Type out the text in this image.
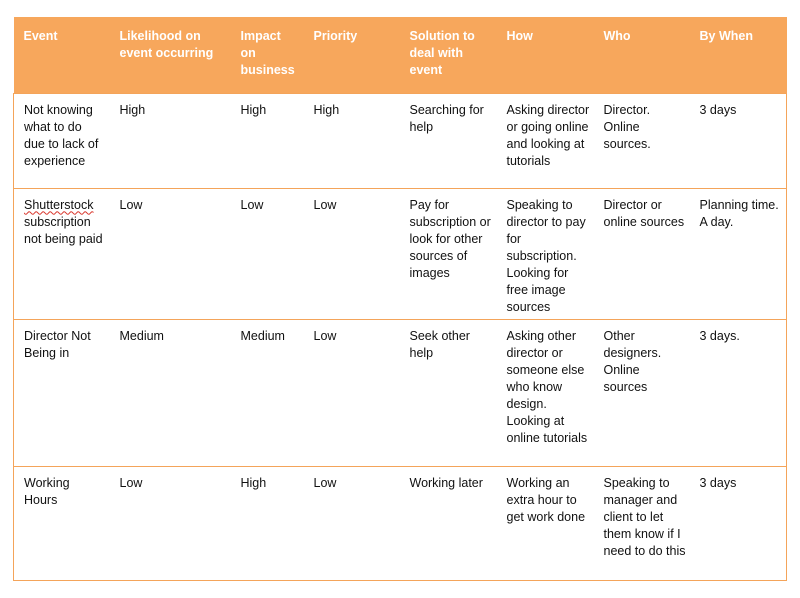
Event	Likelihood on event occurring	Impact on business	Priority	Solution to deal with event	How	Who	By When
Not knowing what to do due to lack of experience	High	High	High	Searching for help	Asking director or going online and looking at tutorials	Director. Online sources.	3 days
Shutterstock subscription not being paid	Low	Low	Low	Pay for subscription or look for other sources of images	Speaking to director to pay for subscription. Looking for free image sources	Director or online sources	Planning time. A day.
Director Not Being in	Medium	Medium	Low	Seek other help	Asking other director or someone else who know design. Looking at online tutorials	Other designers. Online sources	3 days.
Working Hours	Low	High	Low	Working later	Working an extra hour to get work done	Speaking to manager and client to let them know if I need to do this	3 days
